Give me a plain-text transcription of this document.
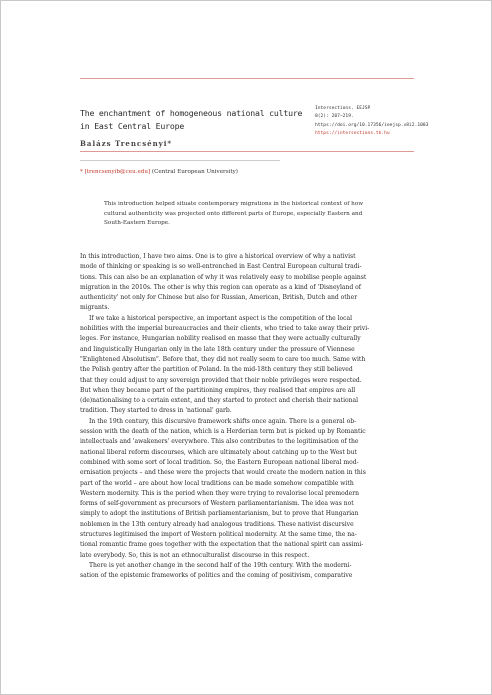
The enchantment of homogeneous national culture
in East Central Europe
Intersections. EEJSP
8(2): 207–219.
https://doi.org/10.17356/ieejsp.v8i2.1083
https://intersections.tk.hu
Balázs Trencsényi*
* [trencsenyib@ceu.edu] (Central European University)
This introduction helped situate contemporary migrations in the historical context of how
cultural authenticity was projected onto different parts of Europe, especially Eastern and
South-Eastern Europe.

In this introduction, I have two aims. One is to give a historical overview of why a nativist
mode of thinking or speaking is so well-entrenched in East Central European cultural tradi-
tions. This can also be an explanation of why it was relatively easy to mobilise people against
migration in the 2010s. The other is why this region can operate as a kind of 'Disneyland of
authenticity' not only for Chinese but also for Russian, American, British, Dutch and other
migrants.

If we take a historical perspective, an important aspect is the competition of the local
nobilities with the imperial bureaucracies and their clients, who tried to take away their privi-
leges. For instance, Hungarian nobility realised en masse that they were actually culturally
and linguistically Hungarian only in the late 18th century under the pressure of Viennese
"Enlightened Absolutism". Before that, they did not really seem to care too much. Same with
the Polish gentry after the partition of Poland. In the mid-18th century they still believed
that they could adjust to any sovereign provided that their noble privileges were respected.
But when they became part of the partitioning empires, they realised that empires are all
(de)nationalising to a certain extent, and they started to protect and cherish their national
tradition. They started to dress in 'national' garb.

In the 19th century, this discursive framework shifts once again. There is a general ob-
session with the death of the nation, which is a Herderian term but is picked up by Romantic
intellectuals and 'awakeners' everywhere. This also contributes to the legitimisation of the
national liberal reform discourses, which are ultimately about catching up to the West but
combined with some sort of local tradition. So, the Eastern European national liberal mod-
ernisation projects – and these were the projects that would create the modern nation in this
part of the world – are about how local traditions can be made somehow compatible with
Western modernity. This is the period when they were trying to revalorise local premodern
forms of self-government as precursors of Western parliamentarianism. The idea was not
simply to adopt the institutions of British parliamentarianism, but to prove that Hungarian
noblemen in the 13th century already had analogous traditions. These nativist discursive
structures legitimised the import of Western political modernity. At the same time, the na-
tional romantic frame goes together with the expectation that the national spirit can assimi-
late everybody. So, this is not an ethnoculturalist discourse in this respect.

There is yet another change in the second half of the 19th century. With the moderni-
sation of the epistemic frameworks of politics and the coming of positivism, comparative
